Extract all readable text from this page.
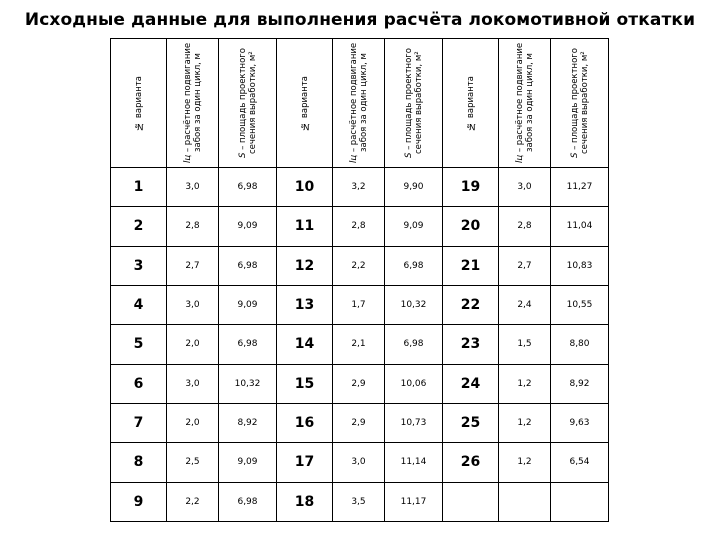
Исходные данные для выполнения расчёта локомотивной откатки
№ варианта	lц – расчётное подвигание забоя за один цикл, м	S – площадь проектного сечения выработки, м²	№ варианта	lц – расчётное подвигание забоя за один цикл, м	S – площадь проектного сечения выработки, м²	№ варианта	lц – расчётное подвигание забоя за один цикл, м	S – площадь проектного сечения выработки, м²

1	3,0	6,98	10	3,2	9,90	19	3,0	11,27
2	2,8	9,09	11	2,8	9,09	20	2,8	11,04
3	2,7	6,98	12	2,2	6,98	21	2,7	10,83
4	3,0	9,09	13	1,7	10,32	22	2,4	10,55
5	2,0	6,98	14	2,1	6,98	23	1,5	8,80
6	3,0	10,32	15	2,9	10,06	24	1,2	8,92
7	2,0	8,92	16	2,9	10,73	25	1,2	9,63
8	2,5	9,09	17	3,0	11,14	26	1,2	6,54
9	2,2	6,98	18	3,5	11,17			
